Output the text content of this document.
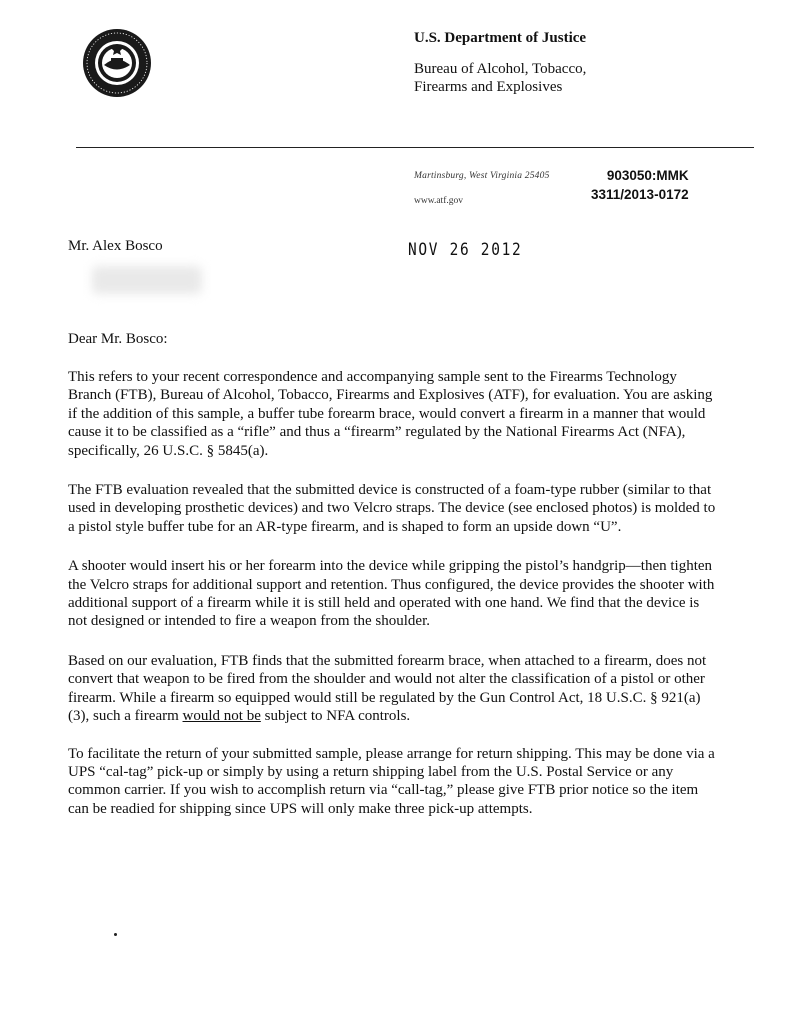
U.S. Department of Justice
Bureau of Alcohol, Tobacco,
Firearms and Explosives
Martinsburg, West Virginia 25405
www.atf.gov
903050:MMK
3311/2013-0172
Mr. Alex Bosco	NOV 26 2012
Dear Mr. Bosco:

This refers to your recent correspondence and accompanying sample sent to the Firearms Technology Branch (FTB), Bureau of Alcohol, Tobacco, Firearms and Explosives (ATF), for evaluation. You are asking if the addition of this sample, a buffer tube forearm brace, would convert a firearm in a manner that would cause it to be classified as a “rifle” and thus a “firearm” regulated by the National Firearms Act (NFA), specifically, 26 U.S.C. § 5845(a).

The FTB evaluation revealed that the submitted device is constructed of a foam-type rubber (similar to that used in developing prosthetic devices) and two Velcro straps. The device (see enclosed photos) is molded to a pistol style buffer tube for an AR-type firearm, and is shaped to form an upside down “U”.

A shooter would insert his or her forearm into the device while gripping the pistol’s handgrip—then tighten the Velcro straps for additional support and retention. Thus configured, the device provides the shooter with additional support of a firearm while it is still held and operated with one hand. We find that the device is not designed or intended to fire a weapon from the shoulder.

Based on our evaluation, FTB finds that the submitted forearm brace, when attached to a firearm, does not convert that weapon to be fired from the shoulder and would not alter the classification of a pistol or other firearm. While a firearm so equipped would still be regulated by the Gun Control Act, 18 U.S.C. § 921(a)(3), such a firearm would not be subject to NFA controls.

To facilitate the return of your submitted sample, please arrange for return shipping. This may be done via a UPS “cal-tag” pick-up or simply by using a return shipping label from the U.S. Postal Service or any common carrier. If you wish to accomplish return via “call-tag,” please give FTB prior notice so the item can be readied for shipping since UPS will only make three pick-up attempts.
